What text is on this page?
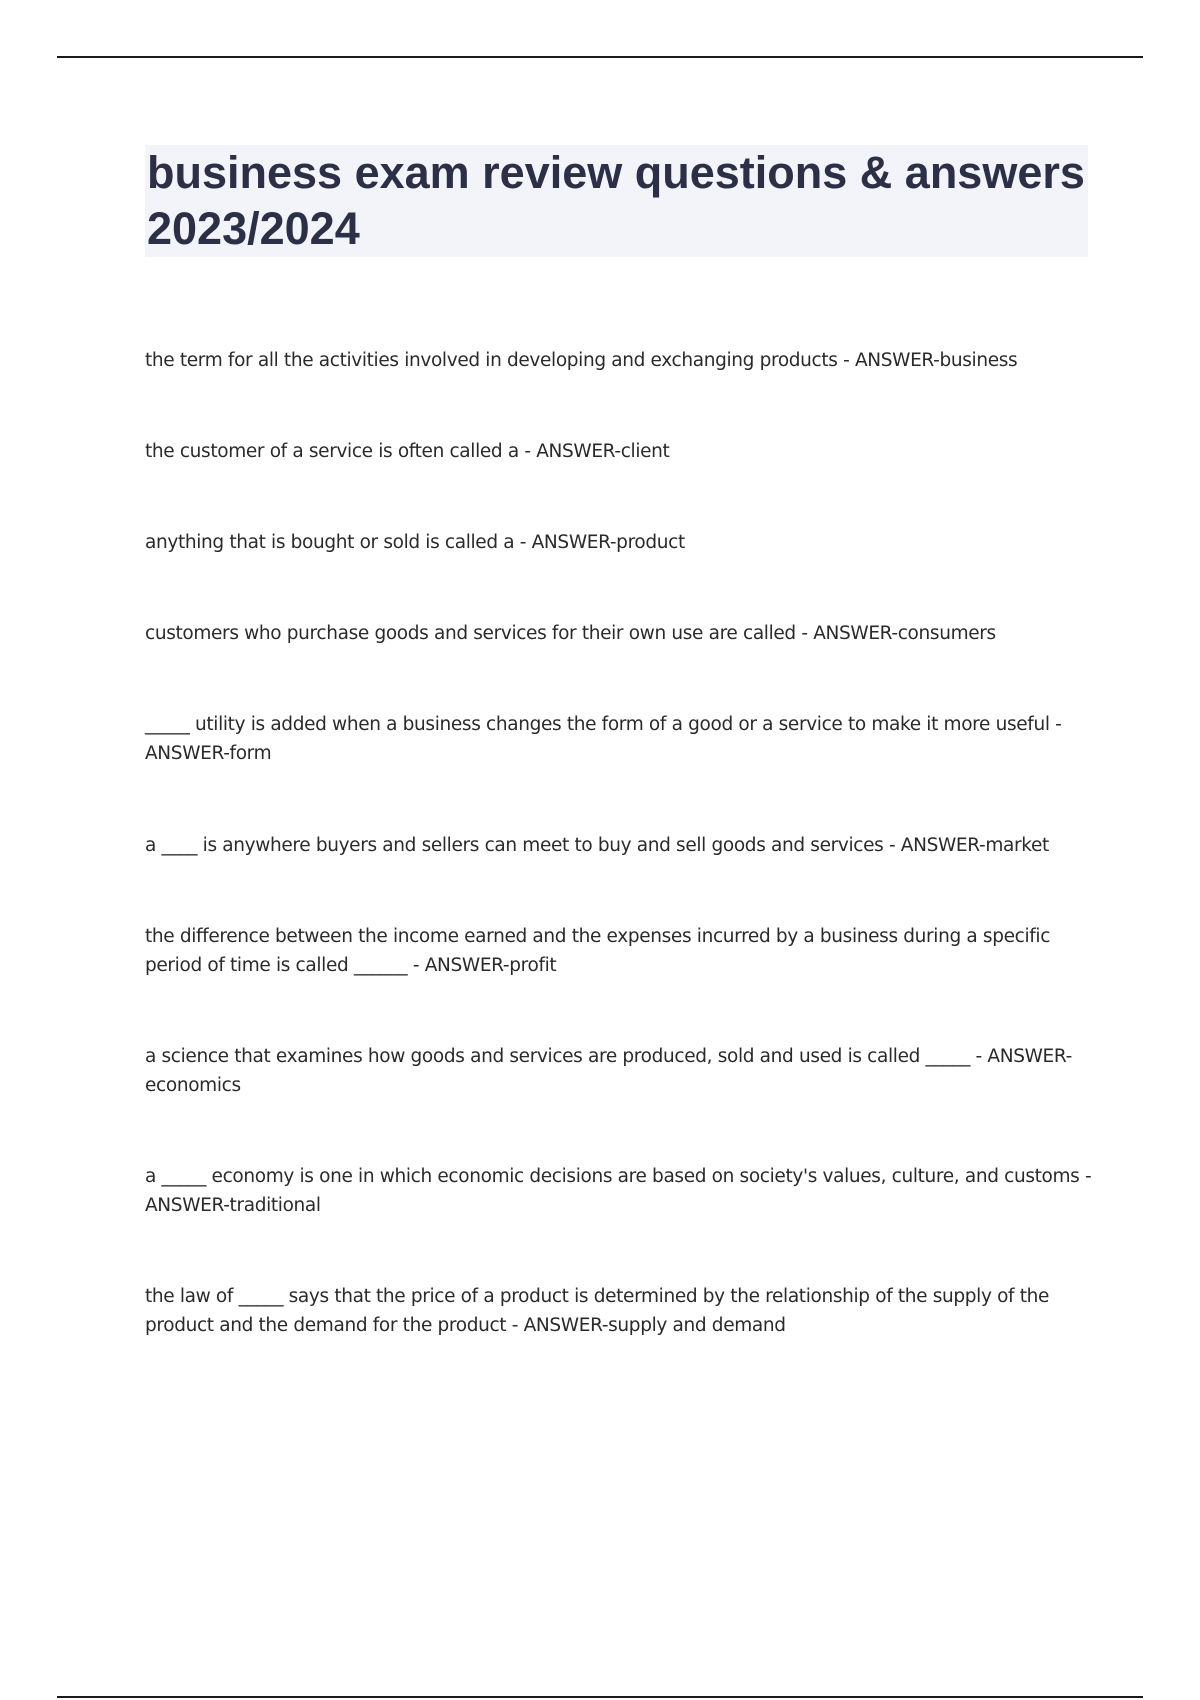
business exam review questions & answers 2023/2024
the term for all the activities involved in developing and exchanging products - ANSWER-business
the customer of a service is often called a - ANSWER-client
anything that is bought or sold is called a - ANSWER-product
customers who purchase goods and services for their own use are called - ANSWER-consumers
_____ utility is added when a business changes the form of a good or a service to make it more useful - ANSWER-form
a ____ is anywhere buyers and sellers can meet to buy and sell goods and services - ANSWER-market
the difference between the income earned and the expenses incurred by a business during a specific period of time is called ______ - ANSWER-profit
a science that examines how goods and services are produced, sold and used is called _____ - ANSWER-economics
a _____ economy is one in which economic decisions are based on society's values, culture, and customs - ANSWER-traditional
the law of _____ says that the price of a product is determined by the relationship of the supply of the product and the demand for the product - ANSWER-supply and demand
